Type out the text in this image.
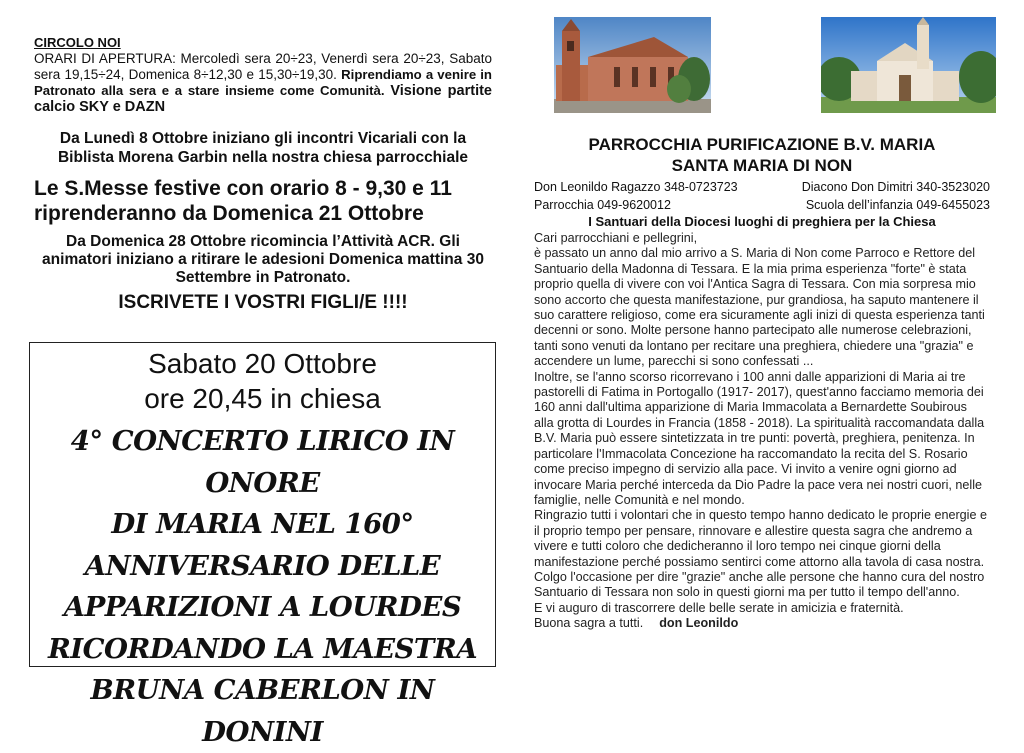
CIRCOLO NOI
ORARI DI APERTURA: Mercoledì sera 20÷23, Venerdì sera 20÷23, Sabato sera 19,15÷24, Domenica 8÷12,30 e 15,30÷19,30. Riprendiamo a venire in Patronato alla sera e a stare insieme come Comunità. Visione partite calcio SKY e DAZN
Da Lunedì 8 Ottobre iniziano gli incontri Vicariali con la Biblista Morena Garbin nella nostra chiesa parrocchiale
Le S.Messe festive con orario 8 - 9,30 e 11 riprenderanno da Domenica 21 Ottobre
Da Domenica 28 Ottobre ricomincia l’Attività ACR. Gli animatori iniziano a ritirare le adesioni Domenica mattina 30 Settembre in Patronato.
ISCRIVETE I VOSTRI FIGLI/E !!!!
Sabato 20 Ottobre
ore 20,45 in chiesa
4° CONCERTO LIRICO IN ONORE
DI MARIA NEL 160°
ANNIVERSARIO DELLE
APPARIZIONI A LOURDES
RICORDANDO LA MAESTRA
BRUNA CABERLON IN DONINI
PARROCCHIA PURIFICAZIONE B.V. MARIA
SANTA MARIA DI NON
Don Leonildo Ragazzo 348-0723723	Diacono Don Dimitri 340-3523020
Parrocchia 049-9620012	Scuola dell’infanzia 049-6455023
I Santuari della Diocesi luoghi di preghiera per la Chiesa

Cari parrocchiani e pellegrini,

è passato un anno dal mio arrivo a S. Maria di Non come Parroco e Rettore del Santuario della Madonna di Tessara. E la mia prima esperienza "forte" è stata proprio quella di vivere con voi l'Antica Sagra di Tessara. Con mia sorpresa mio sono accorto che questa manifestazione, pur grandiosa, ha saputo mantenere il suo carattere religioso, come era sicuramente agli inizi di questa esperienza tanti decenni or sono. Molte persone hanno partecipato alle numerose celebrazioni, tanti sono venuti da lontano per recitare una preghiera, chiedere una "grazia" e accendere un lume, parecchi si sono confessati ...

Inoltre, se l'anno scorso ricorrevano i 100 anni dalle apparizioni di Maria ai tre pastorelli di Fatima in Portogallo (1917- 2017), quest'anno facciamo memoria dei 160 anni dall'ultima apparizione di Maria Immacolata a Bernardette Soubirous alla grotta di Lourdes in Francia (1858 - 2018). La spiritualità raccomandata dalla B.V. Maria può essere sintetizzata in tre punti: povertà, preghiera, penitenza. In particolare l'Immacolata Concezione ha raccomandato la recita del S. Rosario come preciso impegno di servizio alla pace. Vi invito a venire ogni giorno ad invocare Maria perché interceda da Dio Padre la pace vera nei nostri cuori, nelle famiglie, nelle Comunità e nel mondo.

Ringrazio tutti i volontari che in questo tempo hanno dedicato le proprie energie e il proprio tempo per pensare, rinnovare e allestire questa sagra che andremo a vivere e tutti coloro che dedicheranno il loro tempo nei cinque giorni della manifestazione perché possiamo sentirci come attorno alla tavola di casa nostra. Colgo l'occasione per dire "grazie" anche alle persone che hanno cura del nostro Santuario di Tessara non solo in questi giorni ma per tutto il tempo dell'anno.

E vi auguro di trascorrere delle belle serate in amicizia e fraternità.

Buona sagra a tutti. don Leonildo
